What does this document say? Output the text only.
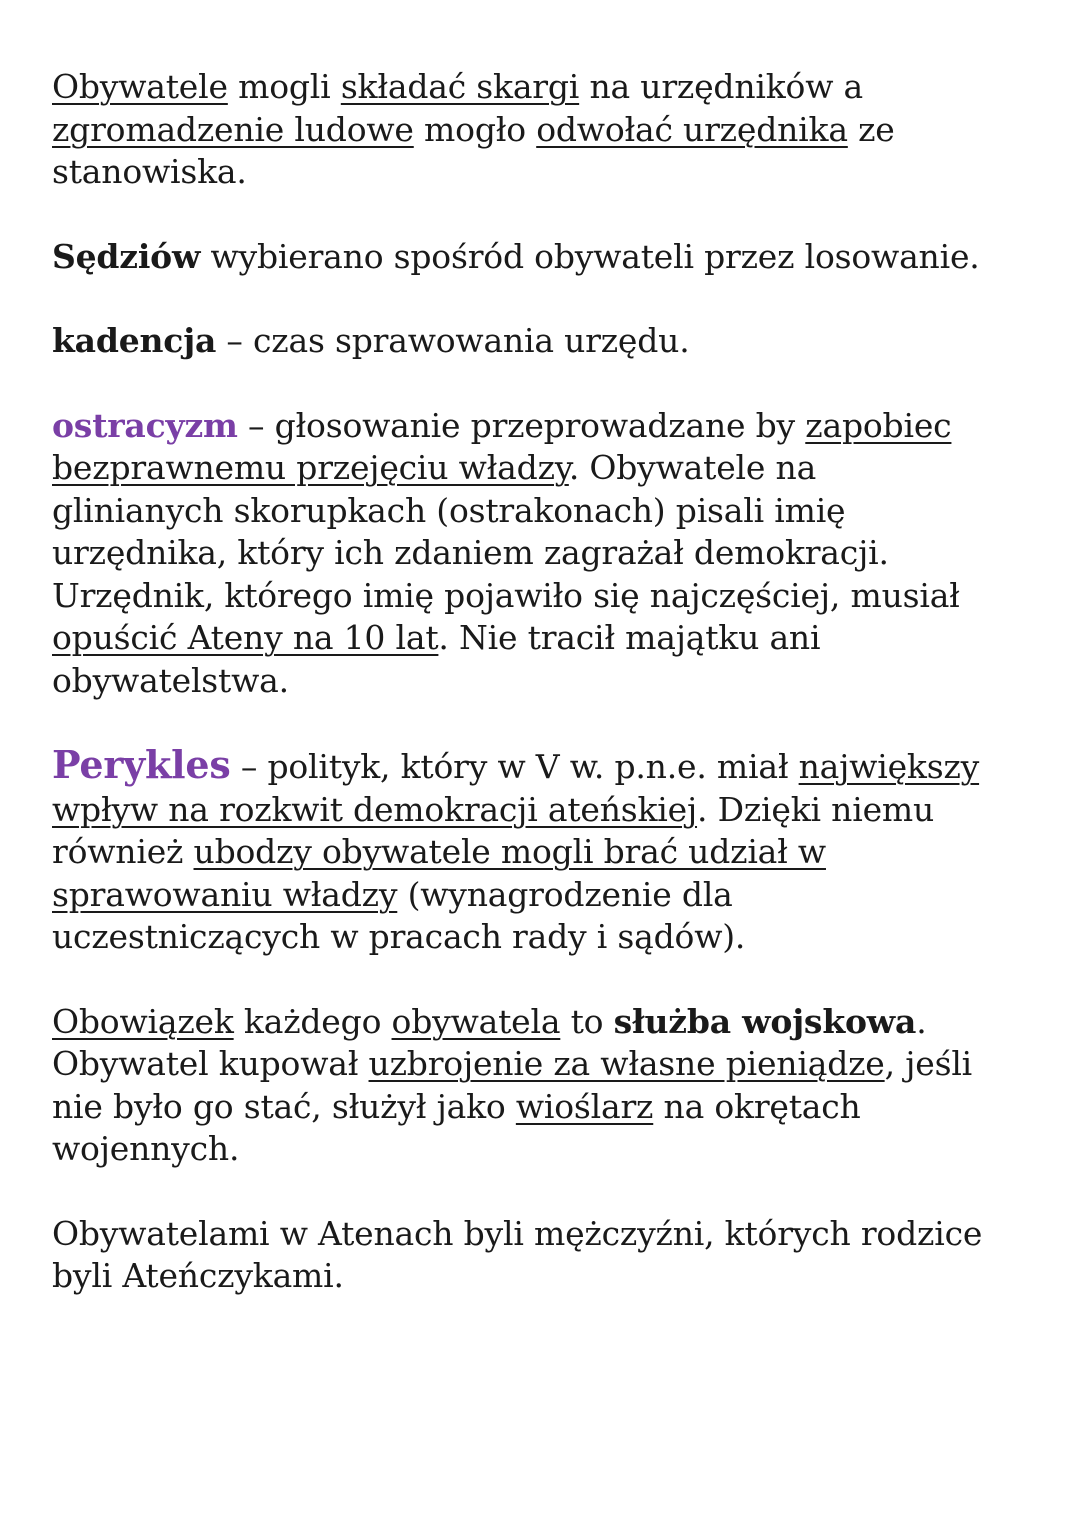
Obywatele mogli składać skargi na urzędników a
zgromadzenie ludowe mogło odwołać urzędnika ze
stanowiska.

Sędziów wybierano spośród obywateli przez losowanie.

kadencja – czas sprawowania urzędu.

ostracyzm – głosowanie przeprowadzane by zapobiec
bezprawnemu przejęciu władzy. Obywatele na
glinianych skorupkach (ostrakonach) pisali imię
urzędnika, który ich zdaniem zagrażał demokracji.
Urzędnik, którego imię pojawiło się najczęściej, musiał
opuścić Ateny na 10 lat. Nie tracił majątku ani
obywatelstwa.

Perykles – polityk, który w V w. p.n.e. miał największy
wpływ na rozkwit demokracji ateńskiej. Dzięki niemu
również ubodzy obywatele mogli brać udział w
sprawowaniu władzy (wynagrodzenie dla
uczestniczących w pracach rady i sądów).

Obowiązek każdego obywatela to służba wojskowa.
Obywatel kupował uzbrojenie za własne pieniądze, jeśli
nie było go stać, służył jako wioślarz na okrętach
wojennych.

Obywatelami w Atenach byli mężczyźni, których rodzice
byli Ateńczykami.
